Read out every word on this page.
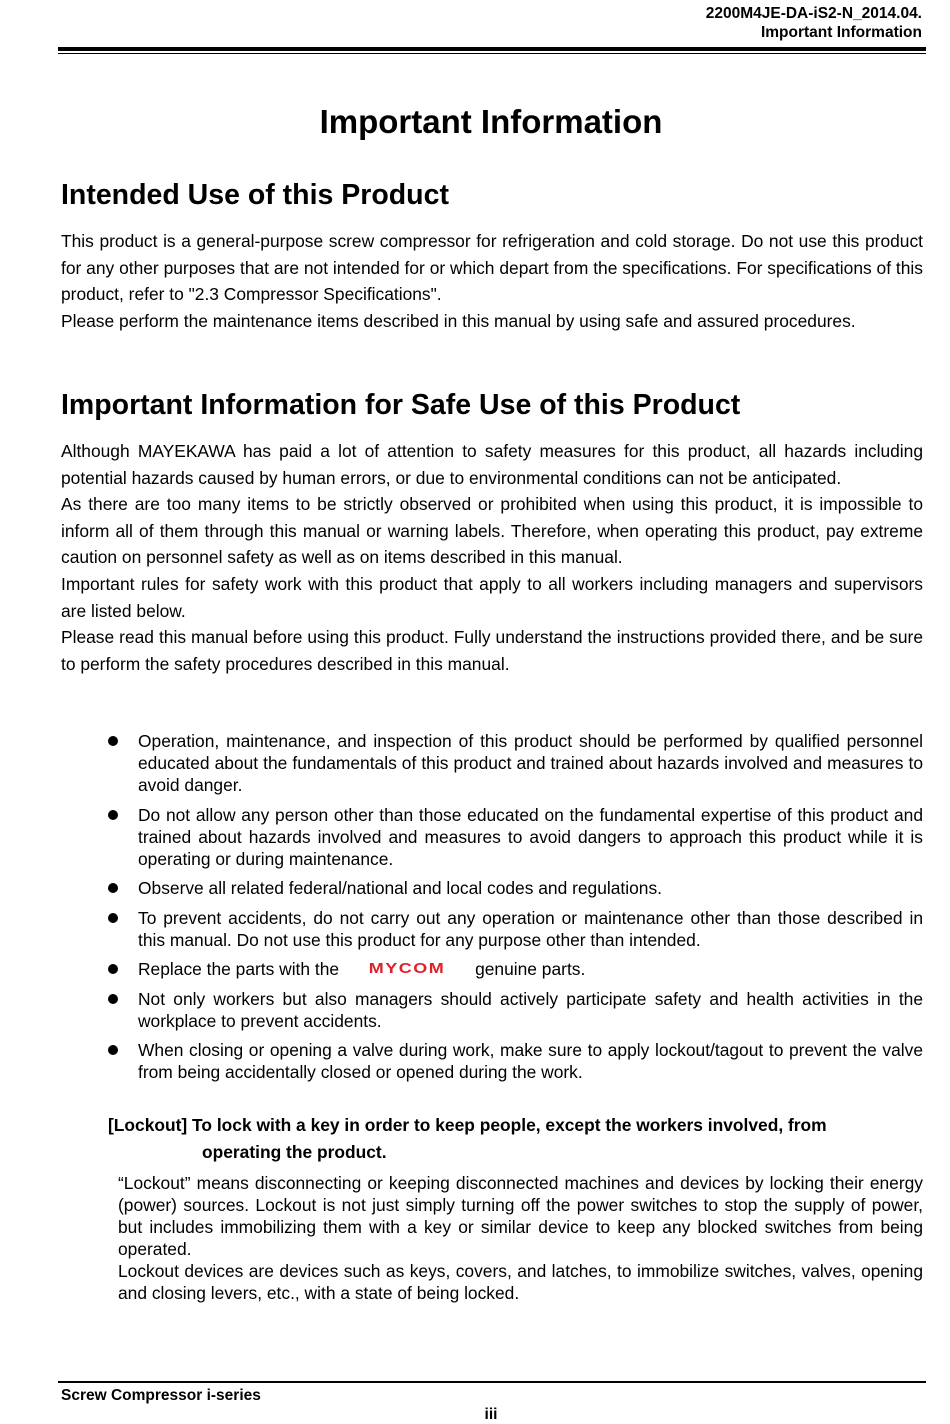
2200M4JE-DA-iS2-N_2014.04.
Important Information
Important Information
Intended Use of this Product

This product is a general-purpose screw compressor for refrigeration and cold storage. Do not use this product for any other purposes that are not intended for or which depart from the specifications. For specifications of this product, refer to "2.3 Compressor Specifications".

Please perform the maintenance items described in this manual by using safe and assured procedures.

Important Information for Safe Use of this Product

Although MAYEKAWA has paid a lot of attention to safety measures for this product, all hazards including potential hazards caused by human errors, or due to environmental conditions can not be anticipated.

As there are too many items to be strictly observed or prohibited when using this product, it is impossible to inform all of them through this manual or warning labels. Therefore, when operating this product, pay extreme caution on personnel safety as well as on items described in this manual.

Important rules for safety work with this product that apply to all workers including managers and supervisors are listed below.

Please read this manual before using this product. Fully understand the instructions provided there, and be sure to perform the safety procedures described in this manual.

Operation, maintenance, and inspection of this product should be performed by qualified personnel educated about the fundamentals of this product and trained about hazards involved and measures to avoid danger.
Do not allow any person other than those educated on the fundamental expertise of this product and trained about hazards involved and measures to avoid dangers to approach this product while it is operating or during maintenance.
Observe all related federal/national and local codes and regulations.
To prevent accidents, do not carry out any operation or maintenance other than those described in this manual. Do not use this product for any purpose other than intended.
Replace the parts with the MYCOM genuine parts.
Not only workers but also managers should actively participate safety and health activities in the workplace to prevent accidents.
When closing or opening a valve during work, make sure to apply lockout/tagout to prevent the valve from being accidentally closed or opened during the work.

[Lockout] To lock with a key in order to keep people, except the workers involved, from
operating the product.

“Lockout” means disconnecting or keeping disconnected machines and devices by locking their energy (power) sources. Lockout is not just simply turning off the power switches to stop the supply of power, but includes immobilizing them with a key or similar device to keep any blocked switches from being operated.

Lockout devices are devices such as keys, covers, and latches, to immobilize switches, valves, opening and closing levers, etc., with a state of being locked.

Screw Compressor i-series
iii
